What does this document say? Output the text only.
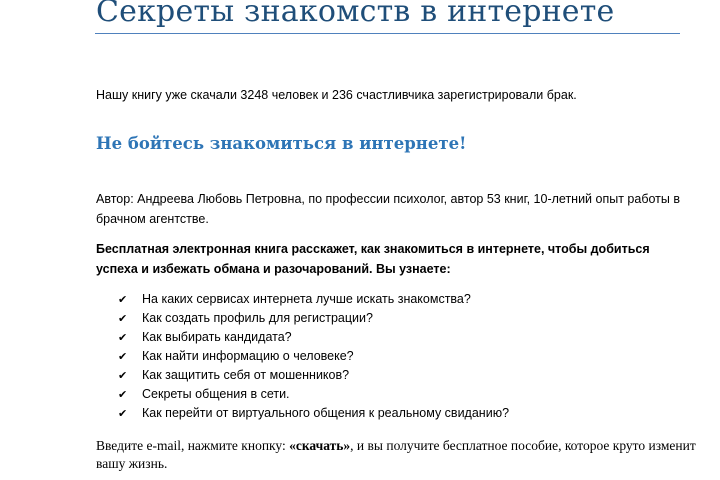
Секреты знакомств в интернете

Нашу книгу уже скачали 3248 человек и 236 счастливчика зарегистрировали брак.

Не бойтесь знакомиться в интернете!

Автор: Андреева Любовь Петровна, по профессии психолог, автор 53 книг, 10-летний опыт работы в брачном агентстве.

Бесплатная электронная книга расскажет, как знакомиться в интернете, чтобы добиться успеха и избежать обмана и разочарований. Вы узнаете:

✔ На каких сервисах интернета лучше искать знакомства?
✔ Как создать профиль для регистрации?
✔ Как выбирать кандидата?
✔ Как найти информацию о человеке?
✔ Как защитить себя от мошенников?
✔ Секреты общения в сети.
✔ Как перейти от виртуального общения к реальному свиданию?

Введите e-mail, нажмите кнопку: «скачать», и вы получите бесплатное пособие, которое круто изменит вашу жизнь.
